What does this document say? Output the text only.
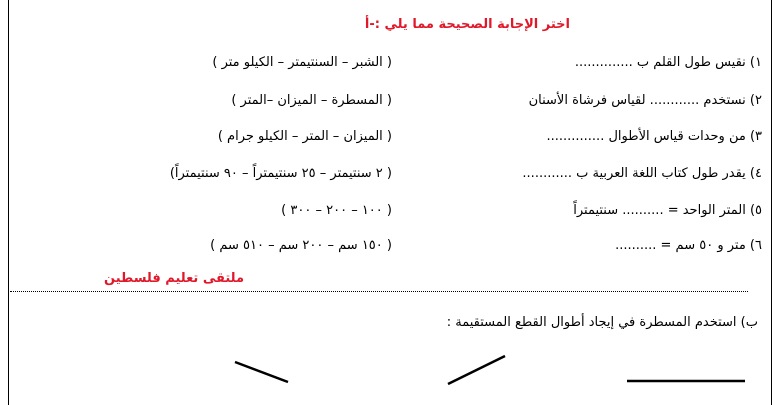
اختر الإجابة الصحيحة مما يلي :-أ
١) نقيس طول القلم ب ..............
٢) نستخدم ............ لقياس فرشاة الأسنان
٣) من وحدات قياس الأطوال ..............
٤) يقدر طول كتاب اللغة العربية ب ............
٥) المتر الواحد = .......... سنتيمتراً
٦) متر و ٥٠ سم = ..........
( الشبر – السنتيمتر – الكيلو متر )
( المسطرة – الميزان –المتر )
( الميزان – المتر – الكيلو جرام )
( ٢ سنتيمتر – ٢٥ سنتيمتراً – ٩٠ سنتيمتراً)
( ١٠٠ – ٢٠٠ – ٣٠٠ )
( ١٥٠ سم – ٢٠٠ سم – ٥١٠ سم )
ملتقى تعليم فلسطين
ب) استخدم المسطرة في إيجاد أطوال القطع المستقيمة :
